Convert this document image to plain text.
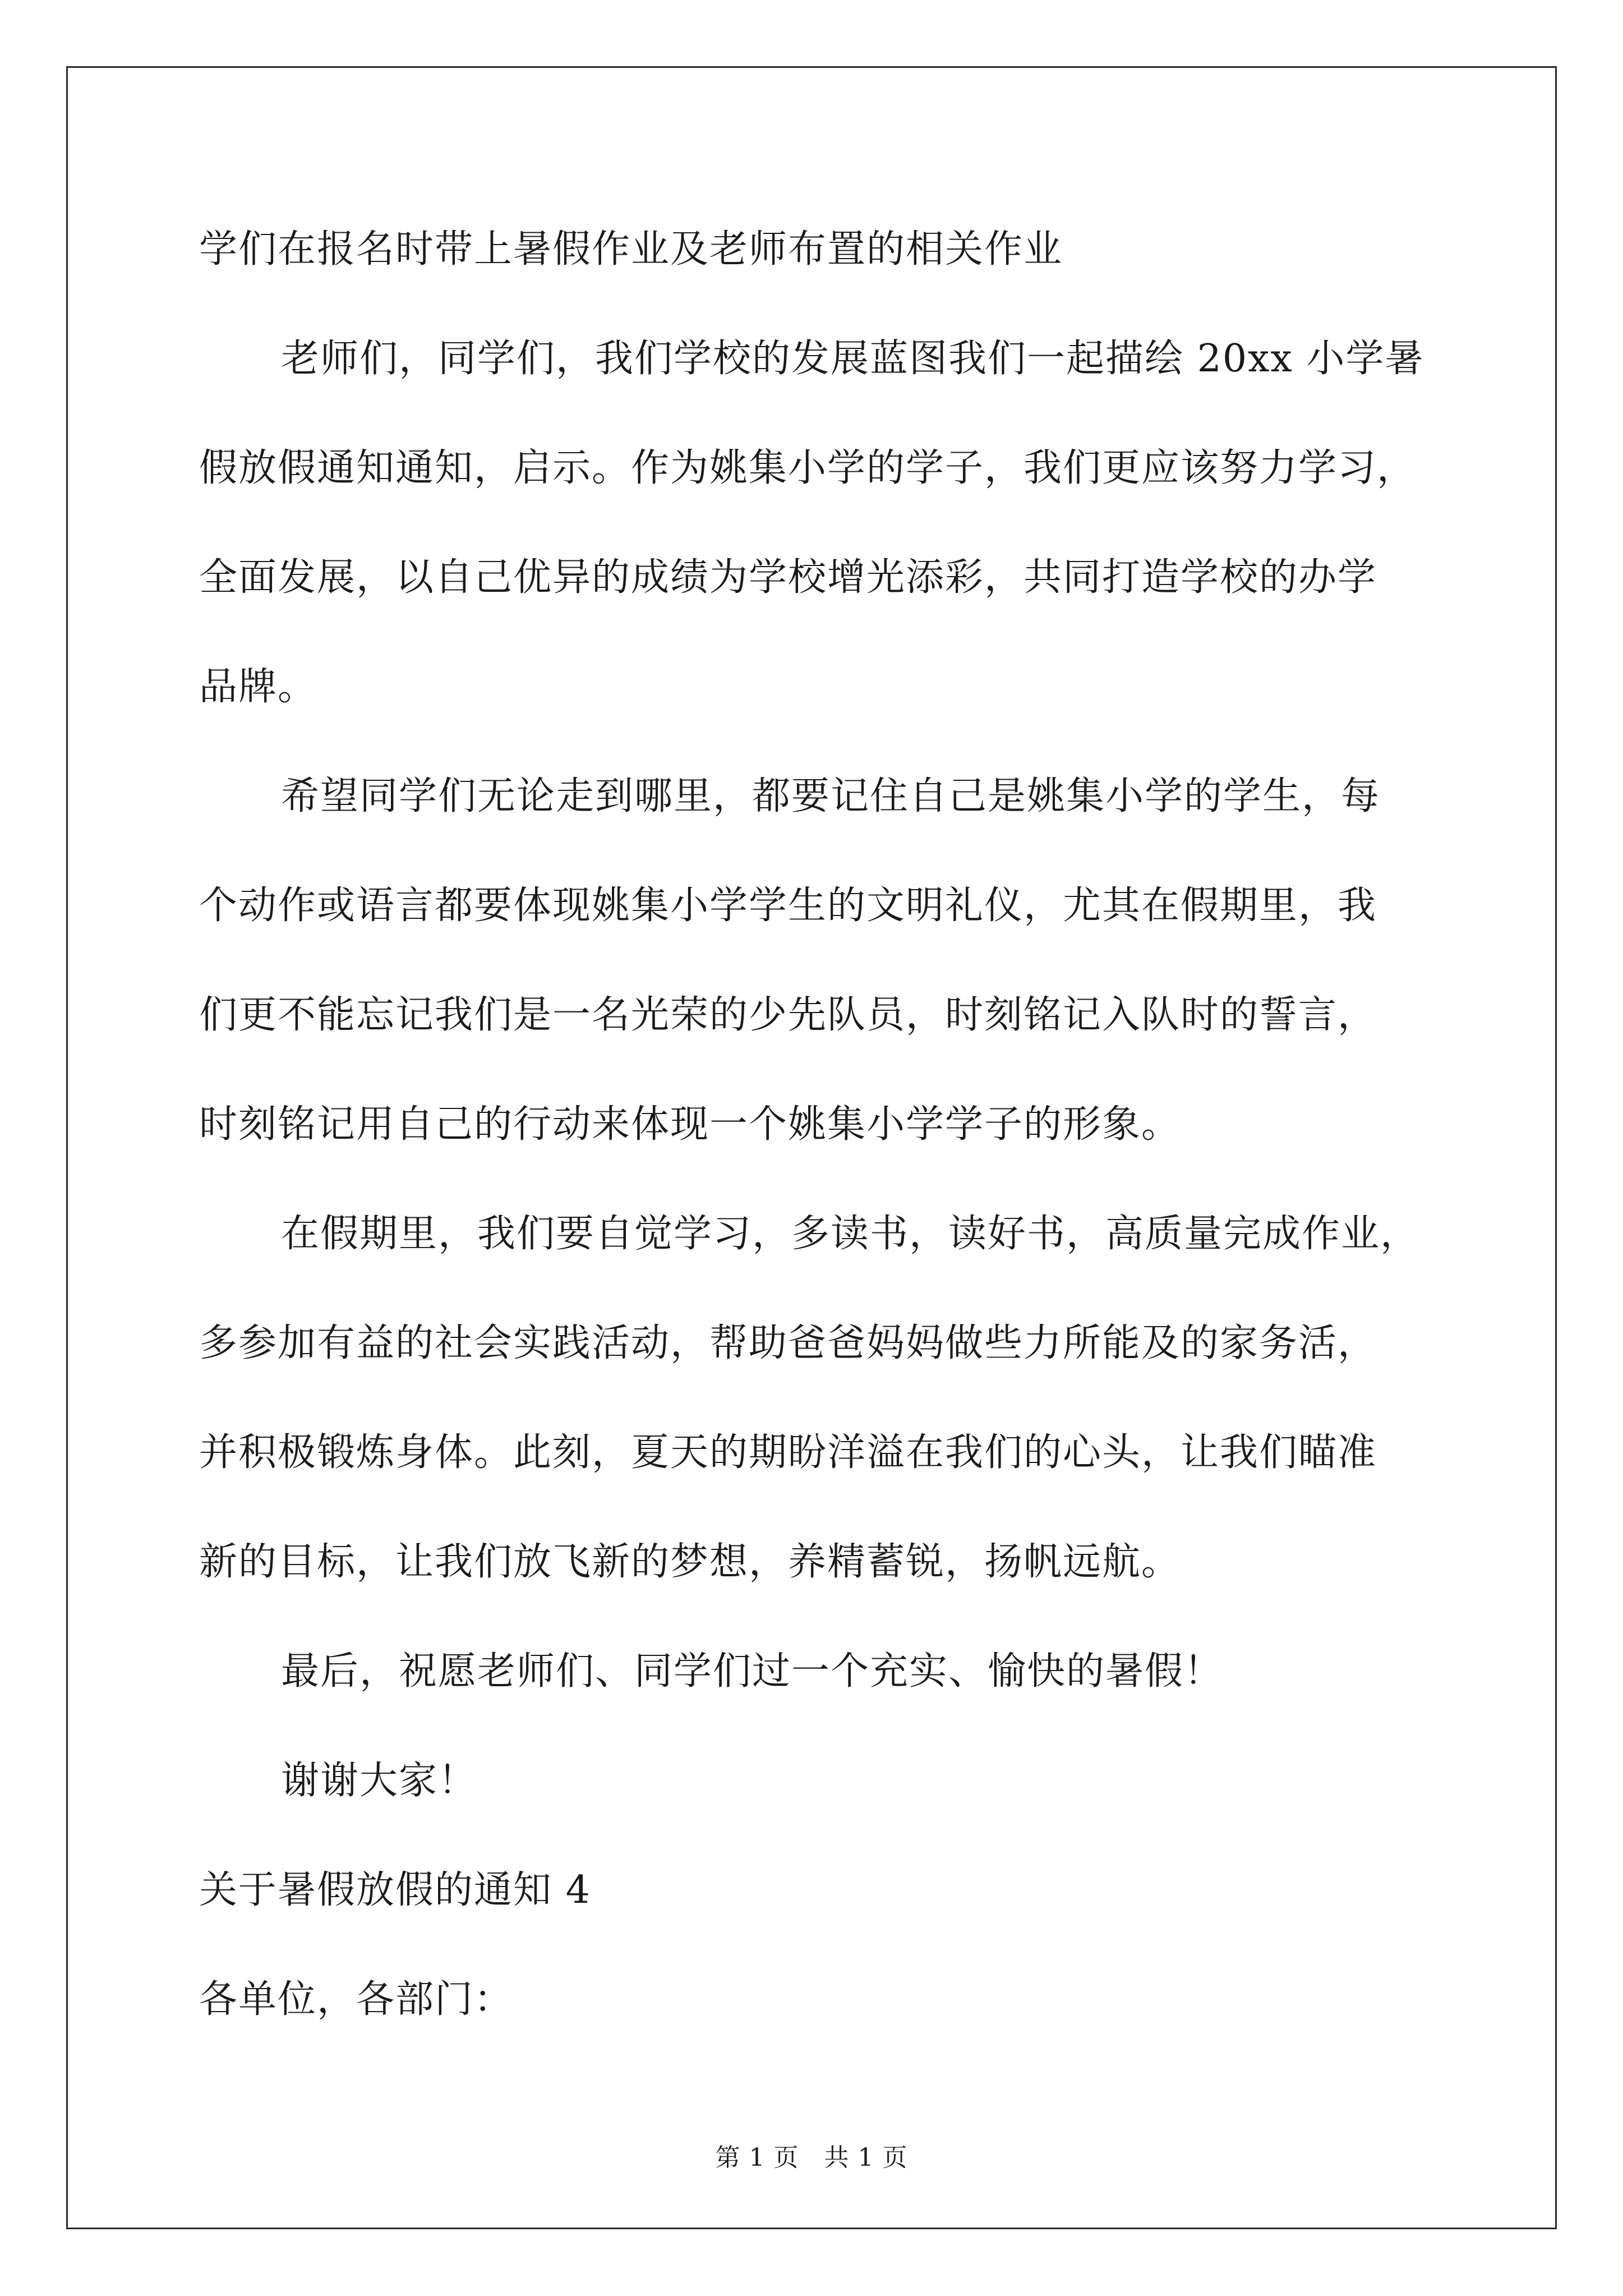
学们在报名时带上暑假作业及老师布置的相关作业
老师们，同学们，我们学校的发展蓝图我们一起描绘 20xx 小学暑
假放假通知通知，启示。作为姚集小学的学子，我们更应该努力学习，
全面发展，以自己优异的成绩为学校增光添彩，共同打造学校的办学
品牌。
希望同学们无论走到哪里，都要记住自己是姚集小学的学生，每
个动作或语言都要体现姚集小学学生的文明礼仪，尤其在假期里，我
们更不能忘记我们是一名光荣的少先队员，时刻铭记入队时的誓言，
时刻铭记用自己的行动来体现一个姚集小学学子的形象。
在假期里，我们要自觉学习，多读书，读好书，高质量完成作业，
多参加有益的社会实践活动，帮助爸爸妈妈做些力所能及的家务活，
并积极锻炼身体。此刻，夏天的期盼洋溢在我们的心头，让我们瞄准
新的目标，让我们放飞新的梦想，养精蓄锐，扬帆远航。
最后，祝愿老师们、同学们过一个充实、愉快的暑假！
谢谢大家！
关于暑假放假的通知 4
各单位，各部门：
第 1 页　共 1 页
